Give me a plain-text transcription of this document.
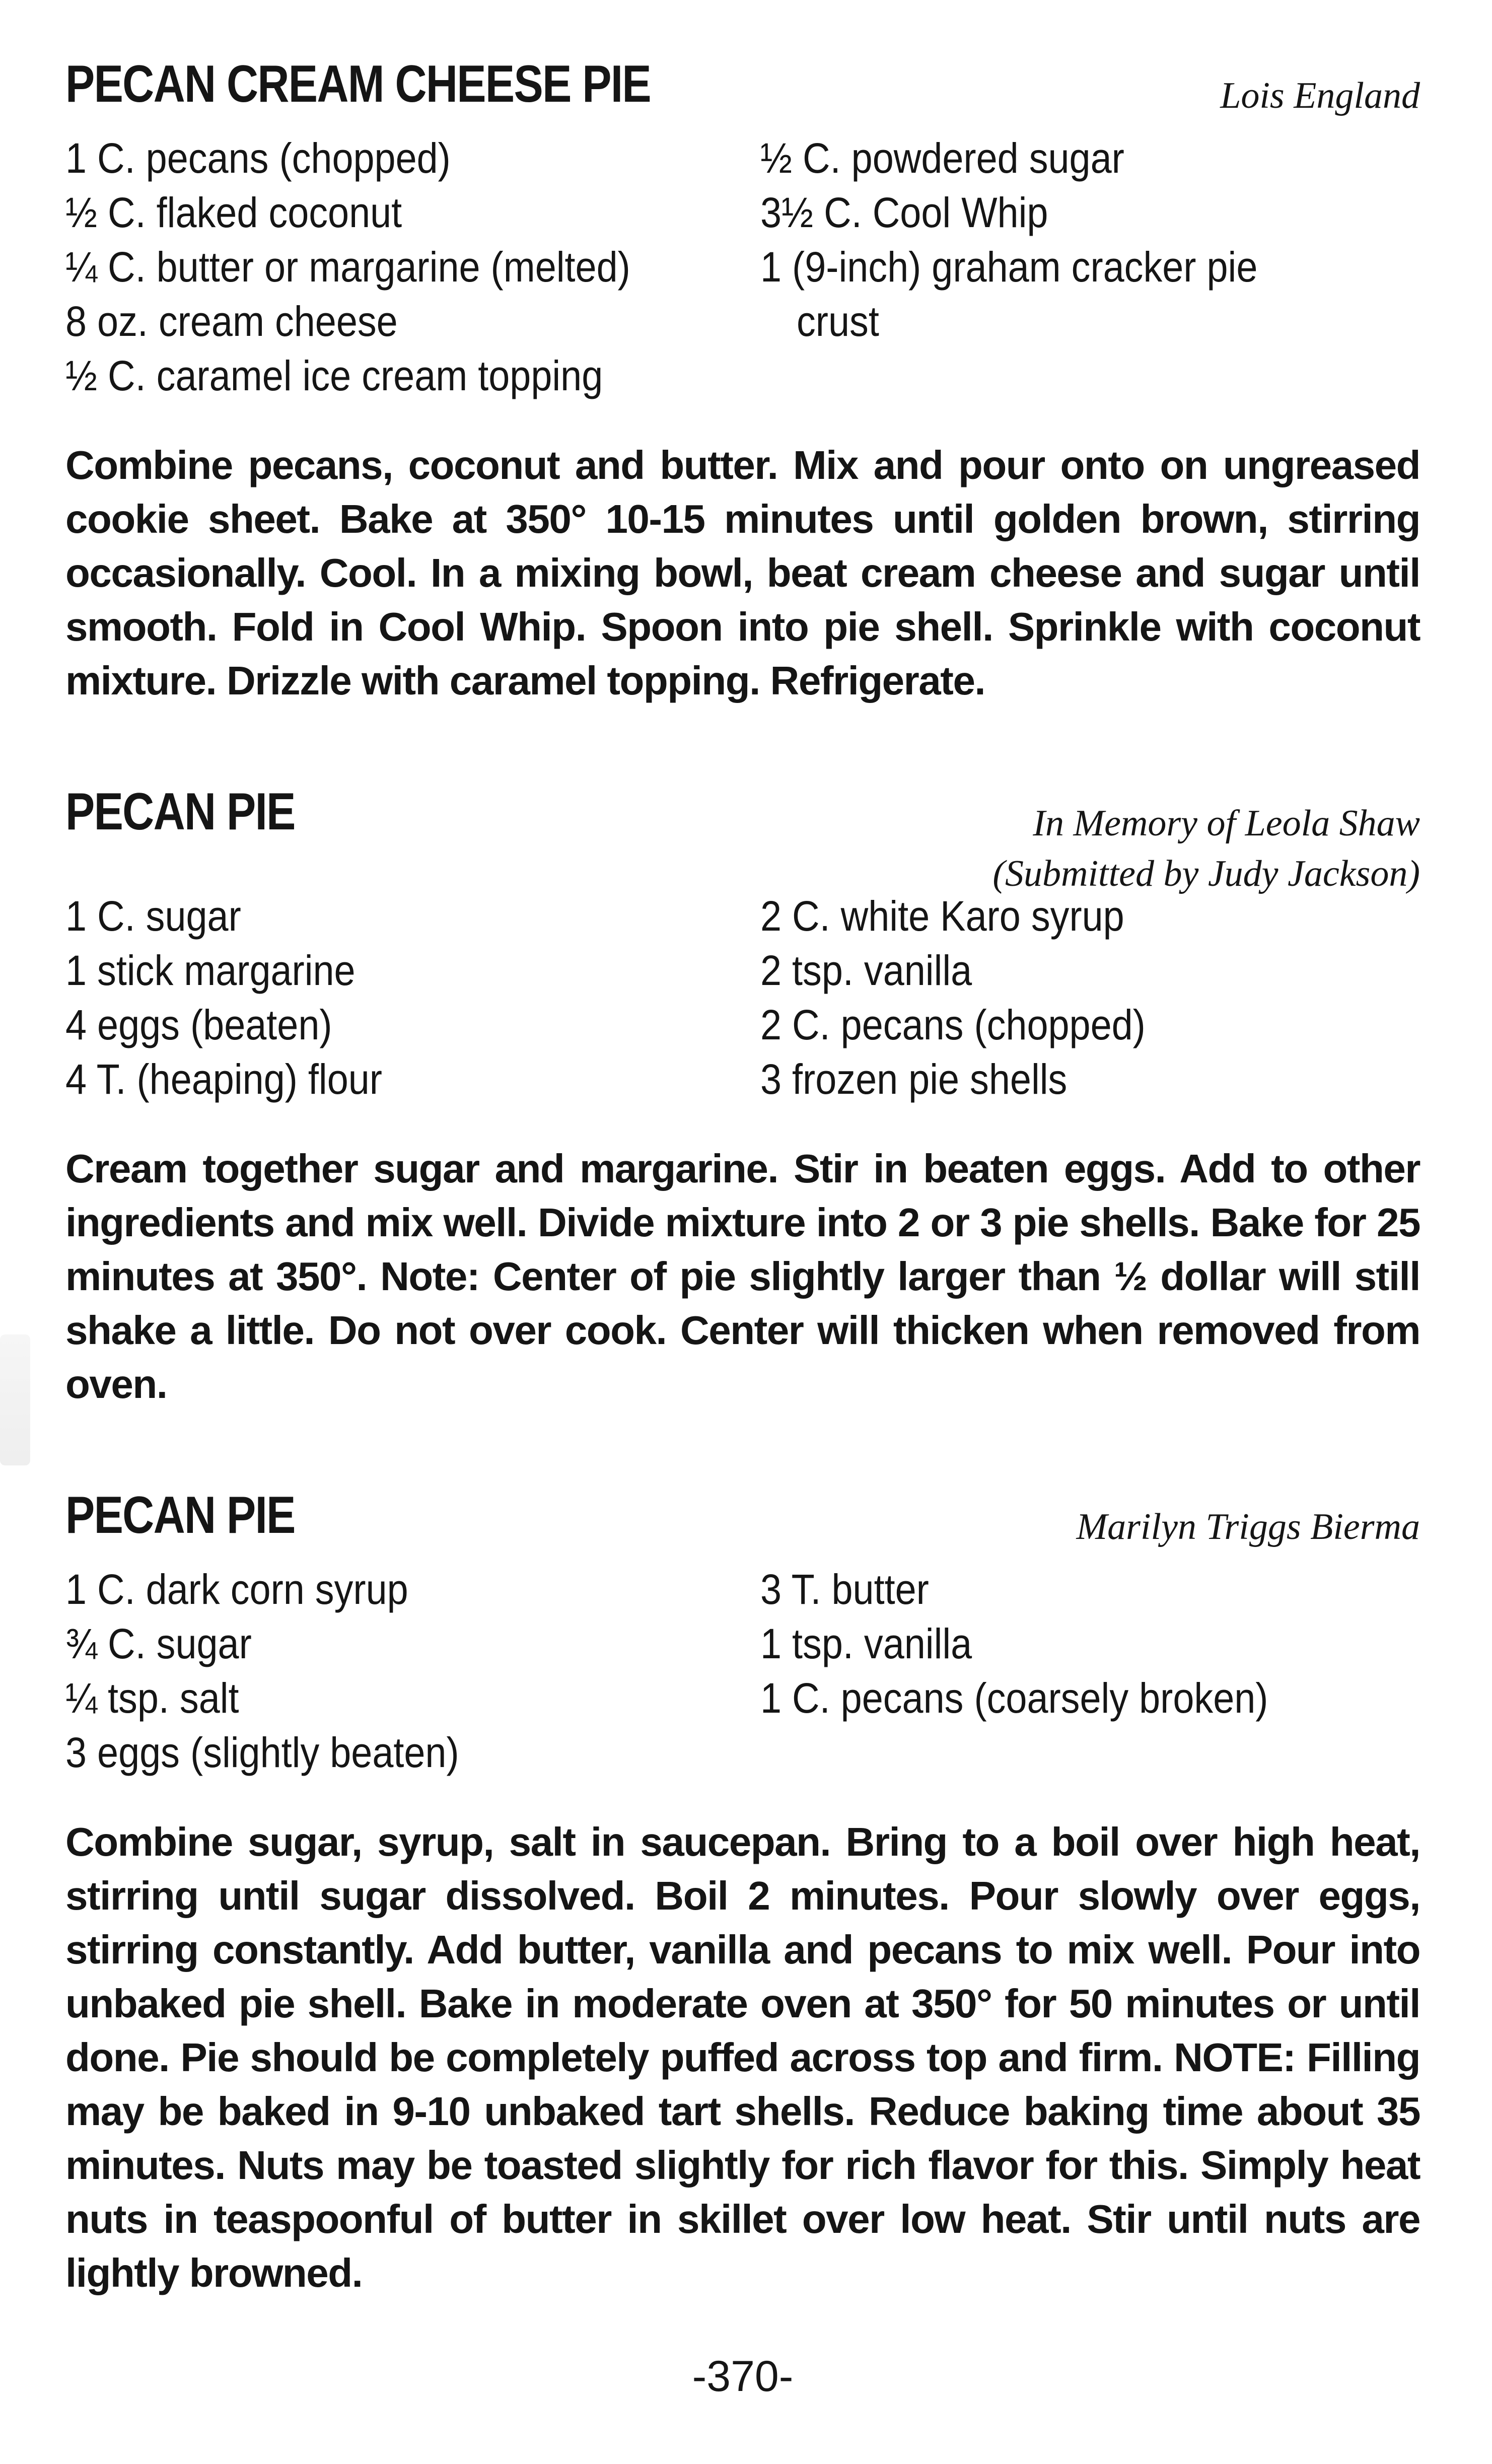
PECAN CREAM CHEESE PIE	Lois England
1 C. pecans (chopped)
½ C. flaked coconut
¼ C. butter or margarine (melted)
8 oz. cream cheese
½ C. caramel ice cream topping
½ C. powdered sugar
3½ C. Cool Whip
1 (9-inch) graham cracker pie
crust

Combine pecans, coconut and butter. Mix and pour onto on ungreased cookie sheet. Bake at 350° 10-15 minutes until golden brown, stirring occasionally. Cool. In a mixing bowl, beat cream cheese and sugar until smooth. Fold in Cool Whip. Spoon into pie shell. Sprinkle with coconut mixture. Drizzle with caramel topping. Refrigerate.

PECAN PIE	In Memory of Leola Shaw
(Submitted by Judy Jackson)
1 C. sugar
1 stick margarine
4 eggs (beaten)
4 T. (heaping) flour
2 C. white Karo syrup
2 tsp. vanilla
2 C. pecans (chopped)
3 frozen pie shells

Cream together sugar and margarine. Stir in beaten eggs. Add to other ingredients and mix well. Divide mixture into 2 or 3 pie shells. Bake for 25 minutes at 350°. Note: Center of pie slightly larger than ½ dollar will still shake a little. Do not over cook. Center will thicken when removed from oven.

PECAN PIE	Marilyn Triggs Bierma
1 C. dark corn syrup
¾ C. sugar
¼ tsp. salt
3 eggs (slightly beaten)
3 T. butter
1 tsp. vanilla
1 C. pecans (coarsely broken)

Combine sugar, syrup, salt in saucepan. Bring to a boil over high heat, stirring until sugar dissolved. Boil 2 minutes. Pour slowly over eggs, stirring constantly. Add butter, vanilla and pecans to mix well. Pour into unbaked pie shell. Bake in moderate oven at 350° for 50 minutes or until done. Pie should be completely puffed across top and firm. NOTE: Filling may be baked in 9-10 unbaked tart shells. Reduce baking time about 35 minutes. Nuts may be toasted slightly for rich flavor for this. Simply heat nuts in teaspoonful of butter in skillet over low heat. Stir until nuts are lightly browned.

-370-
